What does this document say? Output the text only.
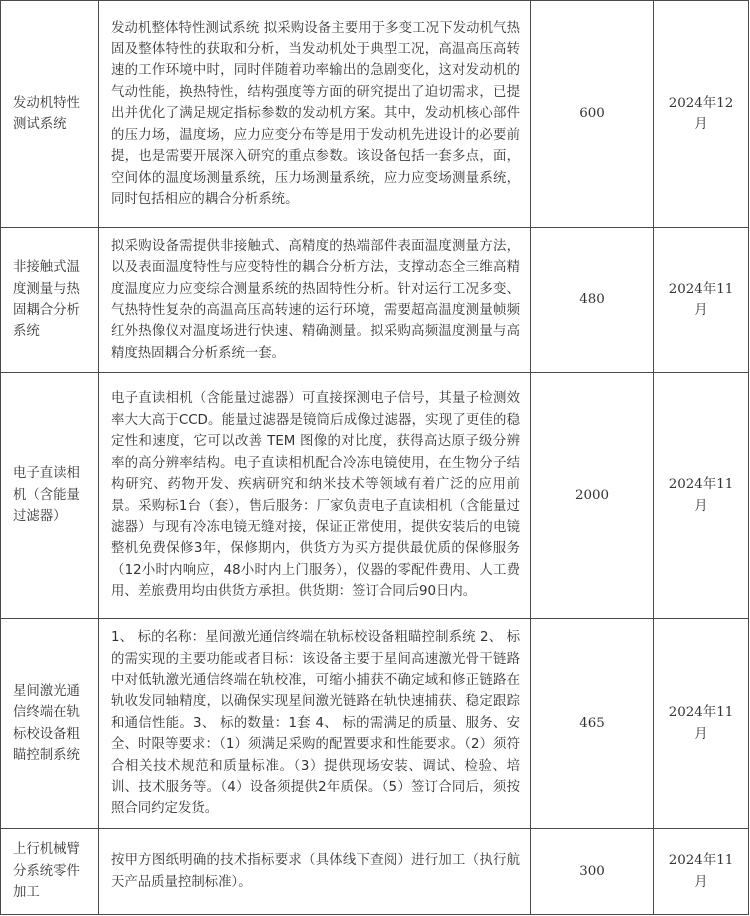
发动机特性测试系统	发动机整体特性测试系统 拟采购设备主要用于多变工况下发动机气热固及整体特性的获取和分析，当发动机处于典型工况，高温高压高转速的工作环境中时，同时伴随着功率输出的急剧变化，这对发动机的气动性能，换热特性，结构强度等方面的研究提出了迫切需求，已提出并优化了满足规定指标参数的发动机方案。其中，发动机核心部件的压力场，温度场，应力应变分布等是用于发动机先进设计的必要前提，也是需要开展深入研究的重点参数。该设备包括一套多点，面，空间体的温度场测量系统，压力场测量系统，应力应变场测量系统，同时包括相应的耦合分析系统。	600	2024年12月
非接触式温度测量与热固耦合分析系统	拟采购设备需提供非接触式、高精度的热端部件表面温度测量方法，以及表面温度特性与应变特性的耦合分析方法，支撑动态全三维高精度温度应力应变综合测量系统的热固特性分析。针对运行工况多变、气热特性复杂的高温高压高转速的运行环境，需要超高温度测量帧频红外热像仪对温度场进行快速、精确测量。拟采购高频温度测量与高精度热固耦合分析系统一套。	480	2024年11月
电子直读相机（含能量过滤器）	电子直读相机（含能量过滤器）可直接探测电子信号，其量子检测效率大大高于CCD。能量过滤器是镜筒后成像过滤器，实现了更佳的稳定性和速度，它可以改善 TEM 图像的对比度，获得高达原子级分辨率的高分辨率结构。电子直读相机配合冷冻电镜使用，在生物分子结构研究、药物开发、疾病研究和纳米技术等领域有着广泛的应用前景。采购标1台（套），售后服务：厂家负责电子直读相机（含能量过滤器）与现有冷冻电镜无缝对接，保证正常使用，提供安装后的电镜整机免费保修3年，保修期内，供货方为买方提供最优质的保修服务（12小时内响应，48小时内上门服务），仪器的零配件费用、人工费用、差旅费用均由供货方承担。供货期：签订合同后90日内。	2000	2024年11月
星间激光通信终端在轨标校设备粗瞄控制系统	1、 标的名称：星间激光通信终端在轨标校设备粗瞄控制系统 2、 标的需实现的主要功能或者目标：该设备主要于星间高速激光骨干链路中对低轨激光通信终端在轨校准，可缩小捕获不确定域和修正链路在轨收发同轴精度，以确保实现星间激光链路在轨快速捕获、稳定跟踪和通信性能。3、 标的数量：1套 4、 标的需满足的质量、服务、安全、时限等要求：（1）须满足采购的配置要求和性能要求。（2）须符合相关技术规范和质量标准。（3）提供现场安装、调试、检验、培训、技术服务等。（4）设备须提供2年质保。（5）签订合同后，须按照合同约定发货。	465	2024年11月
上行机械臂分系统零件加工	按甲方图纸明确的技术指标要求（具体线下查阅）进行加工（执行航天产品质量控制标准）。	300	2024年11月
